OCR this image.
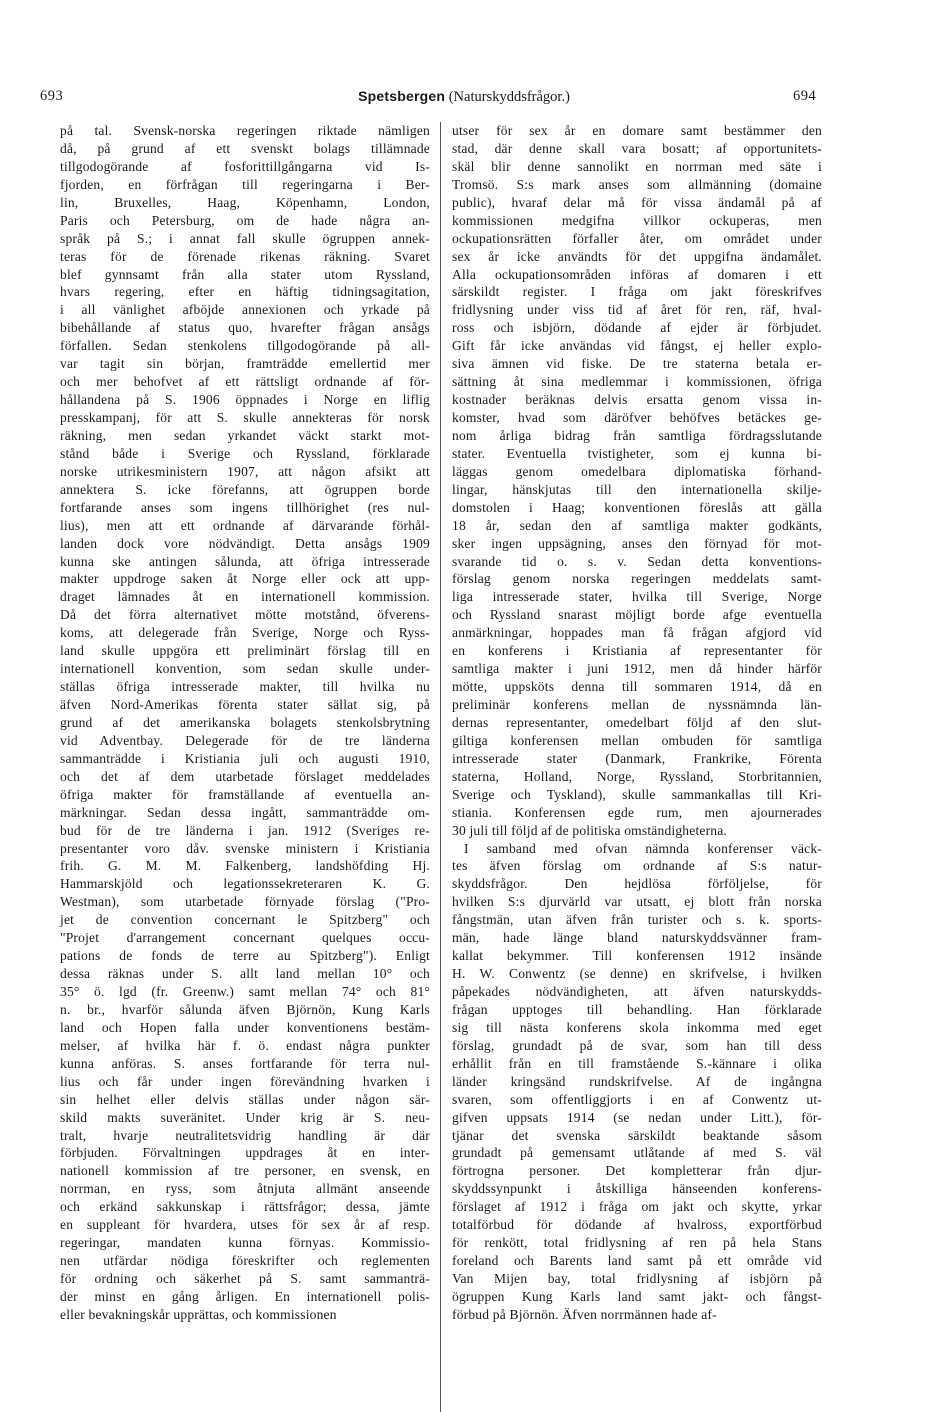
693	Spetsbergen (Naturskyddsfrågor.)	694
på tal. Svensk-norska regeringen riktade nämligen
då, på grund af ett svenskt bolags tillämnade
tillgodogörande af fosforittillgångarna vid Is-
fjorden, en förfrågan till regeringarna i Ber-
lin, Bruxelles, Haag, Köpenhamn, London,
Paris och Petersburg, om de hade några an-
språk på S.; i annat fall skulle ögruppen annek-
teras för de förenade rikenas räkning. Svaret
blef gynnsamt från alla stater utom Ryssland,
hvars regering, efter en häftig tidningsagitation,
i all vänlighet afböjde annexionen och yrkade på
bibehållande af status quo, hvarefter frågan ansågs
förfallen. Sedan stenkolens tillgodogörande på all-
var tagit sin början, framträdde emellertid mer
och mer behofvet af ett rättsligt ordnande af för-
hållandena på S. 1906 öppnades i Norge en liflig
presskampanj, för att S. skulle annekteras för norsk
räkning, men sedan yrkandet väckt starkt mot-
stånd både i Sverige och Ryssland, förklarade
norske utrikesministern 1907, att någon afsikt att
annektera S. icke förefanns, att ögruppen borde
fortfarande anses som ingens tillhörighet (res nul-
lius), men att ett ordnande af därvarande förhål-
landen dock vore nödvändigt. Detta ansågs 1909
kunna ske antingen sålunda, att öfriga intresserade
makter uppdroge saken åt Norge eller ock att upp-
draget lämnades åt en internationell kommission.
Då det förra alternativet mötte motstånd, öfverens-
koms, att delegerade från Sverige, Norge och Ryss-
land skulle uppgöra ett preliminärt förslag till en
internationell konvention, som sedan skulle under-
ställas öfriga intresserade makter, till hvilka nu
äfven Nord-Amerikas förenta stater sällat sig, på
grund af det amerikanska bolagets stenkolsbrytning
vid Adventbay. Delegerade för de tre länderna
sammanträdde i Kristiania juli och augusti 1910,
och det af dem utarbetade förslaget meddelades
öfriga makter för framställande af eventuella an-
märkningar. Sedan dessa ingått, sammanträdde om-
bud för de tre länderna i jan. 1912 (Sveriges re-
presentanter voro dåv. svenske ministern i Kristiania
frih. G. M. M. Falkenberg, landshöfding Hj.
Hammarskjöld och legationssekreteraren K. G.
Westman), som utarbetade förnyade förslag ("Pro-
jet de convention concernant le Spitzberg" och
"Projet d'arrangement concernant quelques occu-
pations de fonds de terre au Spitzberg"). Enligt
dessa räknas under S. allt land mellan 10° och
35° ö. lgd (fr. Greenw.) samt mellan 74° och 81°
n. br., hvarför sålunda äfven Björnön, Kung Karls
land och Hopen falla under konventionens bestäm-
melser, af hvilka här f. ö. endast några punkter
kunna anföras. S. anses fortfarande för terra nul-
lius och får under ingen förevändning hvarken i
sin helhet eller delvis ställas under någon sär-
skild makts suveränitet. Under krig är S. neu-
tralt, hvarje neutralitetsvidrig handling är där
förbjuden. Förvaltningen uppdrages åt en inter-
nationell kommission af tre personer, en svensk, en
norrman, en ryss, som åtnjuta allmänt anseende
och erkänd sakkunskap i rättsfrågor; dessa, jämte
en suppleant för hvardera, utses för sex år af resp.
regeringar, mandaten kunna förnyas. Kommissio-
nen utfärdar nödiga föreskrifter och reglementen
för ordning och säkerhet på S. samt sammanträ-
der minst en gång årligen. En internationell polis-
eller bevakningskår upprättas, och kommissionen
utser för sex år en domare samt bestämmer den
stad, där denne skall vara bosatt; af opportunitets-
skäl blir denne sannolikt en norrman med säte i
Tromsö. S:s mark anses som allmänning (domaine
public), hvaraf delar må för vissa ändamål på af
kommissionen medgifna villkor ockuperas, men
ockupationsrätten förfaller åter, om området under
sex år icke användts för det uppgifna ändamålet.
Alla ockupationsområden införas af domaren i ett
särskildt register. I fråga om jakt föreskrifves
fridlysning under viss tid af året för ren, räf, hval-
ross och isbjörn, dödande af ejder är förbjudet.
Gift får icke användas vid fångst, ej heller explo-
siva ämnen vid fiske. De tre staterna betala er-
sättning åt sina medlemmar i kommissionen, öfriga
kostnader beräknas delvis ersatta genom vissa in-
komster, hvad som däröfver behöfves betäckes ge-
nom årliga bidrag från samtliga fördragsslutande
stater. Eventuella tvistigheter, som ej kunna bi-
läggas genom omedelbara diplomatiska förhand-
lingar, hänskjutas till den internationella skilje-
domstolen i Haag; konventionen föreslås att gälla
18 år, sedan den af samtliga makter godkänts,
sker ingen uppsägning, anses den förnyad för mot-
svarande tid o. s. v. Sedan detta konventions-
förslag genom norska regeringen meddelats samt-
liga intresserade stater, hvilka till Sverige, Norge
och Ryssland snarast möjligt borde afge eventuella
anmärkningar, hoppades man få frågan afgjord vid
en konferens i Kristiania af representanter för
samtliga makter i juni 1912, men då hinder härför
mötte, uppsköts denna till sommaren 1914, då en
preliminär konferens mellan de nyssnämnda län-
dernas representanter, omedelbart följd af den slut-
giltiga konferensen mellan ombuden för samtliga
intresserade stater (Danmark, Frankrike, Förenta
staterna, Holland, Norge, Ryssland, Storbritannien,
Sverige och Tyskland), skulle sammankallas till Kri-
stiania. Konferensen egde rum, men ajournerades
30 juli till följd af de politiska omständigheterna.
I samband med ofvan nämnda konferenser väck-
tes äfven förslag om ordnande af S:s natur-
skyddsfrågor. Den hejdlösa förföljelse, för
hvilken S:s djurvärld var utsatt, ej blott från norska
fångstmän, utan äfven från turister och s. k. sports-
män, hade länge bland naturskyddsvänner fram-
kallat bekymmer. Till konferensen 1912 insände
H. W. Conwentz (se denne) en skrifvelse, i hvilken
påpekades nödvändigheten, att äfven naturskydds-
frågan upptoges till behandling. Han förklarade
sig till nästa konferens skola inkomma med eget
förslag, grundadt på de svar, som han till dess
erhållit från en till framstående S.-kännare i olika
länder kringsänd rundskrifvelse. Af de ingångna
svaren, som offentliggjorts i en af Conwentz ut-
gifven uppsats 1914 (se nedan under Litt.), för-
tjänar det svenska särskildt beaktande såsom
grundadt på gemensamt utlåtande af med S. väl
förtrogna personer. Det kompletterar från djur-
skyddssynpunkt i åtskilliga hänseenden konferens-
förslaget af 1912 i fråga om jakt och skytte, yrkar
totalförbud för dödande af hvalross, exportförbud
för renkött, total fridlysning af ren på hela Stans
foreland och Barents land samt på ett område vid
Van Mijen bay, total fridlysning af isbjörn på
ögruppen Kung Karls land samt jakt- och fångst-
förbud på Björnön. Äfven norrmännen hade af-
